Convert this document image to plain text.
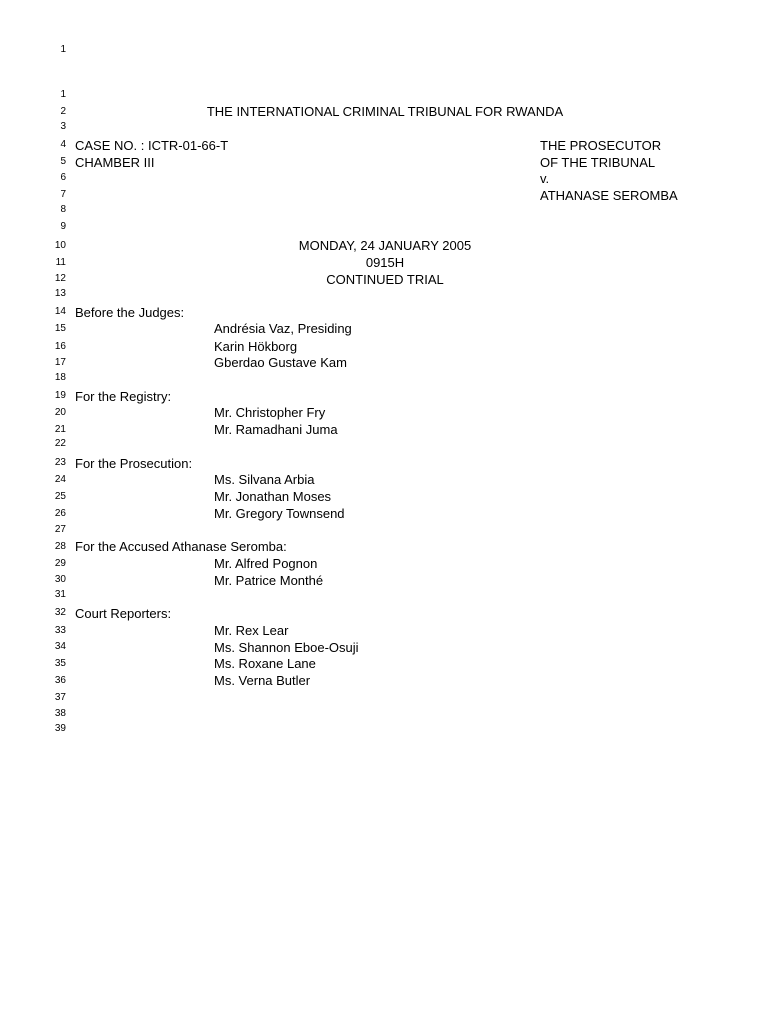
1
1
2
3
4
5
6
7
8
9
10
11
12
13
14
15
16
17
18
19
20
21
22
23
24
25
26
27
28
29
30
31
32
33
34
35
36
37
38
39
THE INTERNATIONAL CRIMINAL TRIBUNAL FOR RWANDA
CASE NO. : ICTR-01-66-T
CHAMBER III
THE PROSECUTOR
OF THE TRIBUNAL
v.
ATHANASE SEROMBA
MONDAY, 24 JANUARY 2005
0915H
CONTINUED TRIAL
Before the Judges:
Andrésia Vaz, Presiding
Karin Hökborg
Gberdao Gustave Kam
For the Registry:
Mr. Christopher Fry
Mr. Ramadhani Juma
For the Prosecution:
Ms. Silvana Arbia
Mr. Jonathan Moses
Mr. Gregory Townsend
For the Accused Athanase Seromba:
Mr. Alfred Pognon
Mr. Patrice Monthé
Court Reporters:
Mr. Rex Lear
Ms. Shannon Eboe-Osuji
Ms. Roxane Lane
Ms. Verna Butler
